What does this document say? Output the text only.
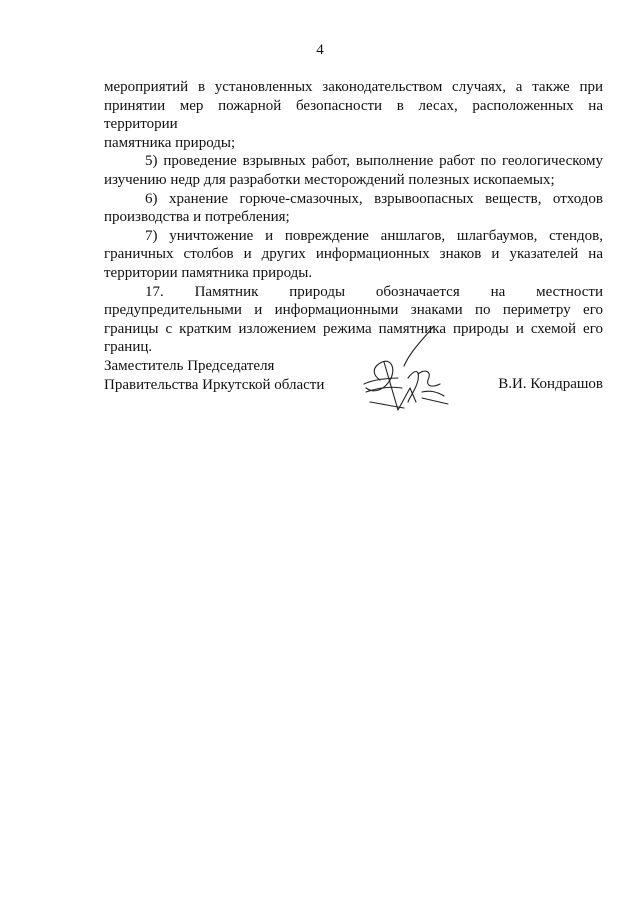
4
мероприятий в установленных законодательством случаях, а также при
принятии мер пожарной безопасности в лесах, расположенных на территории
памятника природы;
5) проведение взрывных работ, выполнение работ по геологическому
изучению недр для разработки месторождений полезных ископаемых;
6) хранение горюче-смазочных, взрывоопасных веществ, отходов
производства и потребления;
7) уничтожение и повреждение аншлагов, шлагбаумов, стендов,
граничных столбов и других информационных знаков и указателей на
территории памятника природы.
17. Памятник природы обозначается на местности
предупредительными и информационными знаками по периметру его
границы с кратким изложением режима памятника природы и схемой его
границ.
Заместитель Председателя
Правительства Иркутской области	В.И. Кондрашов
